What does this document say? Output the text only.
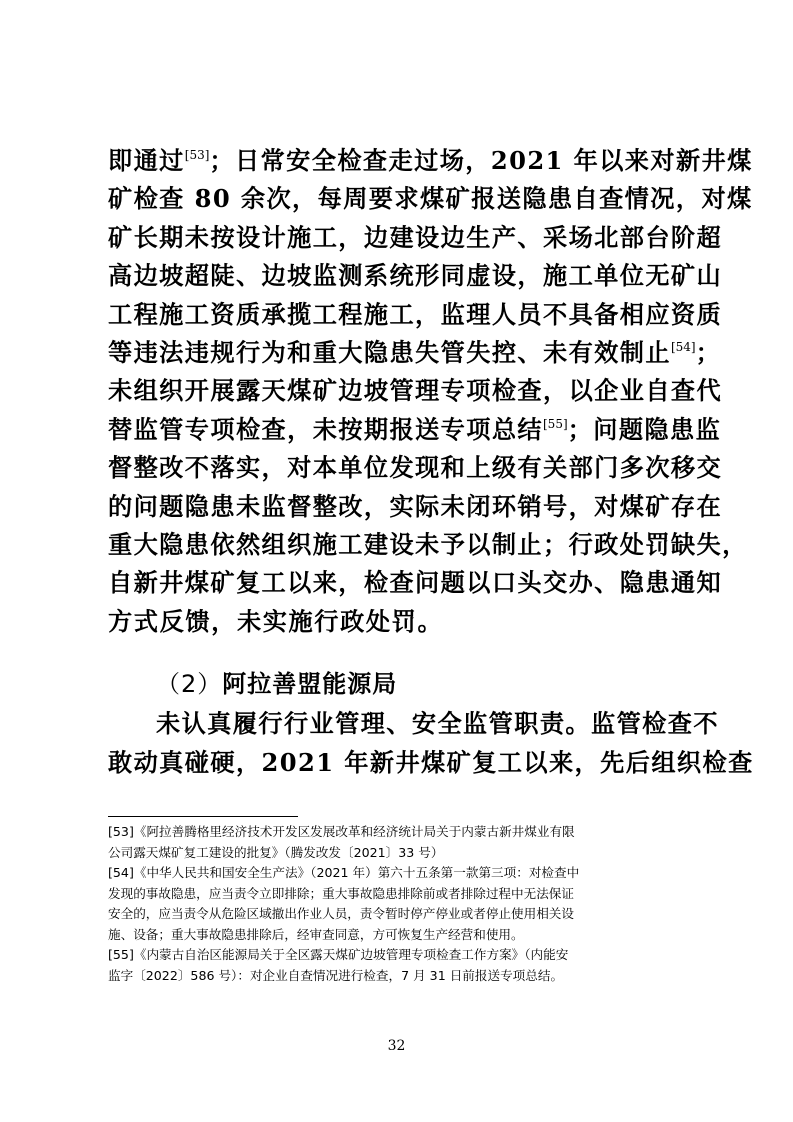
即通过[53]；日常安全检查走过场，2021 年以来对新井煤
矿检查 80 余次，每周要求煤矿报送隐患自查情况，对煤
矿长期未按设计施工，边建设边生产、采场北部台阶超
高边坡超陡、边坡监测系统形同虚设，施工单位无矿山
工程施工资质承揽工程施工，监理人员不具备相应资质
等违法违规行为和重大隐患失管失控、未有效制止[54]；
未组织开展露天煤矿边坡管理专项检查，以企业自查代
替监管专项检查，未按期报送专项总结[55]；问题隐患监
督整改不落实，对本单位发现和上级有关部门多次移交
的问题隐患未监督整改，实际未闭环销号，对煤矿存在
重大隐患依然组织施工建设未予以制止；行政处罚缺失，
自新井煤矿复工以来，检查问题以口头交办、隐患通知
方式反馈，未实施行政处罚。
（2）阿拉善盟能源局
未认真履行行业管理、安全监管职责。监管检查不
敢动真碰硬，2021 年新井煤矿复工以来，先后组织检查
[53]《阿拉善腾格里经济技术开发区发展改革和经济统计局关于内蒙古新井煤业有限
公司露天煤矿复工建设的批复》（腾发改发〔2021〕33 号）
[54]《中华人民共和国安全生产法》（2021 年）第六十五条第一款第三项：对检查中
发现的事故隐患，应当责令立即排除；重大事故隐患排除前或者排除过程中无法保证
安全的，应当责令从危险区域撤出作业人员，责令暂时停产停业或者停止使用相关设
施、设备；重大事故隐患排除后，经审查同意，方可恢复生产经营和使用。
[55]《内蒙古自治区能源局关于全区露天煤矿边坡管理专项检查工作方案》（内能安
监字〔2022〕586 号）：对企业自查情况进行检查，7 月 31 日前报送专项总结。
32
